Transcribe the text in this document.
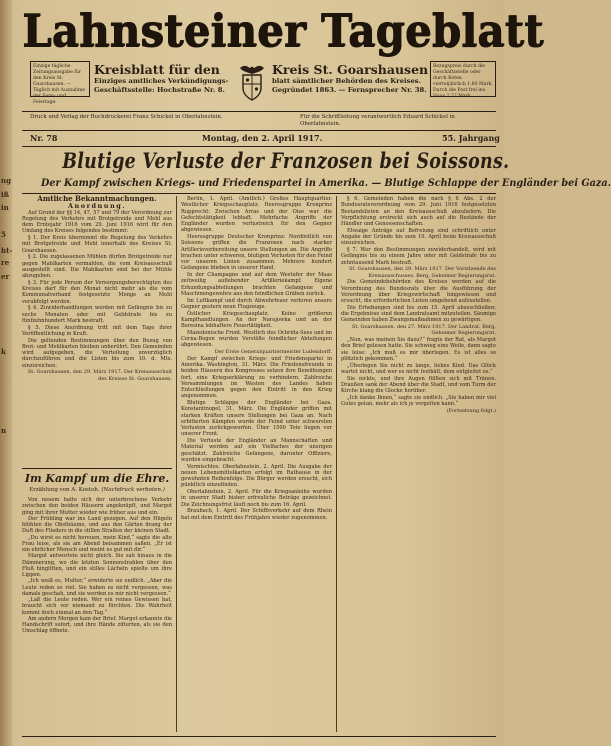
ng
iß
in
5
ht-
re
er
k
n
Lahnsteiner Tageblatt
Einzige tägliche Zeitungsausgabe für den Kreis St. Goarshausen. — Täglich mit Ausnahme der Sonn- und Feiertage.
Bezugspreis durch die Geschäftsstelle oder durch Boten vierteljährlich 1.80 Mark. Durch die Post frei ins Haus 2.22 Mark.
Kreisblatt für den
Einziges amtliches Verkündigungs-
Geschäftsstelle: Hochstraße Nr. 8.
Kreis St. Goarshausen
blatt sämtlicher Behörden des Kreises.
Gegründet 1863. — Fernsprecher Nr. 38.
Druck und Verlag der Buchdruckerei Franz Schickel in Oberlahnstein.	Für die Schriftleitung verantwortlich Eduard Schickel in Oberlahnstein.
Nr. 78	Montag, den 2. April 1917.	55. Jahrgang
Blutige Verluste der Franzosen bei Soissons.
Der Kampf zwischen Kriegs- und Friedenspartei in Amerika. — Blutige Schlappe der Engländer bei Gaza.

Amtliche Bekanntmachungen.

Anordnung.

Auf Grund der §§ 14, 47, 57 und 79 der Verordnung zur Regelung des Verkehrs mit Brotgetreide und Mehl aus dem Erntejahr 1916 vom 29. Juni 1916 wird für den Umfang des Kreises folgendes bestimmt:

§ 1. Der Kreis übernimmt die Regelung des Verkehrs mit Brotgetreide und Mehl innerhalb des Kreises St. Goarshausen.

§ 2. Die zugelassenen Mühlen dürfen Brotgetreide nur gegen Mahlkarten vermahlen, die vom Kreisausschuß ausgestellt sind. Die Mahlkarten sind bei der Mühle abzugeben.

§ 3. Für jede Person der Versorgungsberechtigten des Kreises darf für den Monat nicht mehr als die vom Kommunalverband festgesetzte Menge an Mehl verabfolgt werden.

§ 4. Zuwiderhandlungen werden mit Gefängnis bis zu sechs Monaten oder mit Geldstrafe bis zu fünfzehnhundert Mark bestraft.

§ 5. Diese Anordnung tritt mit dem Tage ihrer Veröffentlichung in Kraft.

Die geltenden Bestimmungen über den Bezug von Brot- und Mehlkarten bleiben unberührt. Den Gemeinden wird aufgegeben, die Verteilung unverzüglich durchzuführen und die Listen bis zum 10. d. Mts. einzureichen.

St. Goarshausen, den 29. März 1917. Der Kreisausschuß des Kreises St. Goarshausen.

Im Kampf um die Ehre.
Erzählung von A. Kostoh. (Nachdruck verboten.)

Von neuem hatte sich der unterbrochene Verkehr zwischen den beiden Häusern angeknüpft, und Margot ging mit ihrer Mutter wieder wie früher aus und ein.

Der Frühling war ins Land gezogen. Auf den Hügeln blühten die Obstbäume, und aus den Gärten drang der Duft des Flieders in die stillen Straßen der kleinen Stadt.

„Du wirst es nicht bereuen, mein Kind,“ sagte die alte Frau leise, als sie am Abend beisammen saßen. „Er ist ein ehrlicher Mensch und meint es gut mit dir.“

Margot antwortete nicht gleich. Sie sah hinaus in die Dämmerung, wo die letzten Sonnenstrahlen über den Fluß hinglitten, und ein stilles Lächeln spielte um ihre Lippen.

„Ich weiß es, Mutter,“ erwiderte sie endlich. „Aber die Leute reden so viel. Sie haben es nicht vergessen, was damals geschah, und sie werden es mir nicht vergessen.“

„Laß die Leute reden. Wer ein reines Gewissen hat, braucht sich vor niemand zu fürchten. Die Wahrheit kommt doch einmal an den Tag.“

Am andern Morgen kam der Brief. Margot erkannte die Handschrift sofort, und ihre Hände zitterten, als sie den Umschlag öffnete.

Berlin, 1. April. (Amtlich.) Großes Hauptquartier. Westlicher Kriegsschauplatz. Heeresgruppe Kronprinz Rupprecht: Zwischen Arras und der Oise war die Gefechtstätigkeit lebhaft. Mehrfache Angriffe der Engländer wurden verlustreich für den Gegner abgewiesen.

Heeresgruppe Deutscher Kronprinz: Nordöstlich von Soissons griffen die Franzosen nach starker Artillerievorbereitung unsere Stellungen an. Die Angriffe brachen unter schweren, blutigen Verlusten für den Feind vor unseren Linien zusammen. Mehrere hundert Gefangene blieben in unserer Hand.

In der Champagne und auf dem Westufer der Maas zeitweilig auflebender Artilleriekampf. Eigene Erkundungsabteilungen brachten Gefangene und Maschinengewehre aus den feindlichen Gräben zurück.

Im Luftkampf und durch Abwehrfeuer verloren unsere Gegner gestern neun Flugzeuge.

Östlicher Kriegsschauplatz. Keine größeren Kampfhandlungen. An der Narajowka und an der Beresina lebhaftere Feuertätigkeit.

Mazedonische Front. Westlich des Ochrida-Sees und im Cerna-Bogen wurden Vorstöße feindlicher Abteilungen abgewiesen.

Der Erste Generalquartiermeister Ludendorff.

Der Kampf zwischen Kriegs- und Friedenspartei in Amerika. Washington, 31. März. Die Friedensfreunde in beiden Häusern des Kongresses setzen ihre Bemühungen fort, eine Kriegserklärung zu verhindern. Zahlreiche Versammlungen im Westen des Landes haben Entschließungen gegen den Eintritt in den Krieg angenommen.

Blutige Schlappe der Engländer bei Gaza. Konstantinopel, 31. März. Die Engländer griffen mit starken Kräften unsere Stellungen bei Gaza an. Nach erbitterten Kämpfen wurde der Feind unter schwersten Verlusten zurückgeworfen. Über 1500 Tote liegen vor unserer Front.

Die Verluste der Engländer an Mannschaften und Material werden auf ein Vielfaches der unsrigen geschätzt. Zahlreiche Gefangene, darunter Offiziere, wurden eingebracht.

Vermischtes. Oberlahnstein, 2. April. Die Ausgabe der neuen Lebensmittelkarten erfolgt im Rathause in der gewohnten Reihenfolge. Die Bürger werden ersucht, sich pünktlich einzufinden.

Oberlahnstein, 2. April. Für die Kriegsanleihe wurden in unserer Stadt bisher erfreuliche Beträge gezeichnet. Die Zeichnungsfrist läuft noch bis zum 16. April.

Braubach, 1. April. Der Schiffsverkehr auf dem Rhein hat mit dem Eintritt des Frühjahrs wieder zugenommen.

§ 6. Gemeinden haben die nach § 6 Abs. 2 der Bundesratsverordnung vom 29. Juni 1916 festgesetzten Bestandslisten an den Kreisausschuß abzuliefern. Die Verpflichtung erstreckt sich auch auf die Bestände der Händler und Genossenschaften.

Etwaige Anträge auf Befreiung sind schriftlich unter Angabe der Gründe bis zum 10. April beim Kreisausschuß einzureichen.

§ 7. Wer den Bestimmungen zuwiderhandelt, wird mit Gefängnis bis zu einem Jahre oder mit Geldstrafe bis zu zehntausend Mark bestraft.

St. Goarshausen, den 29. März 1917. Der Vorsitzende des Kreisausschusses. Berg, Geheimer Regierungsrat.

Die Gemeindebehörden des Kreises werden auf die Verordnung des Bundesrats über die Ausführung der Verordnung über Kriegswirtschaft hingewiesen und ersucht, die erforderlichen Listen umgehend aufzustellen.

Die Erhebungen sind bis zum 15. April abzuschließen; die Ergebnisse sind dem Landratsamt mitzuteilen. Säumige Gemeinden haben Zwangsmaßnahmen zu gewärtigen.

St. Goarshausen, den 27. März 1917. Der Landrat. Berg, Geheimer Regierungsrat.

„Nun, was meinen Sie dazu?“ fragte der Rat, als Margot den Brief gelesen hatte. Sie schwieg eine Weile, dann sagte sie leise: „Ich muß es mir überlegen. Es ist alles so plötzlich gekommen.“

„Überlegen Sie nicht zu lange, liebes Kind. Das Glück wartet nicht, und wer es nicht festhält, dem entgleitet es.“

Sie nickte, und ihre Augen füllten sich mit Tränen. Draußen sank der Abend über die Stadt, und vom Turm der Kirche klang die Glocke herüber.

„Ich danke Ihnen,“ sagte sie endlich. „Sie haben mir viel Gutes getan, mehr als ich je vergelten kann.“

(Fortsetzung folgt.)
